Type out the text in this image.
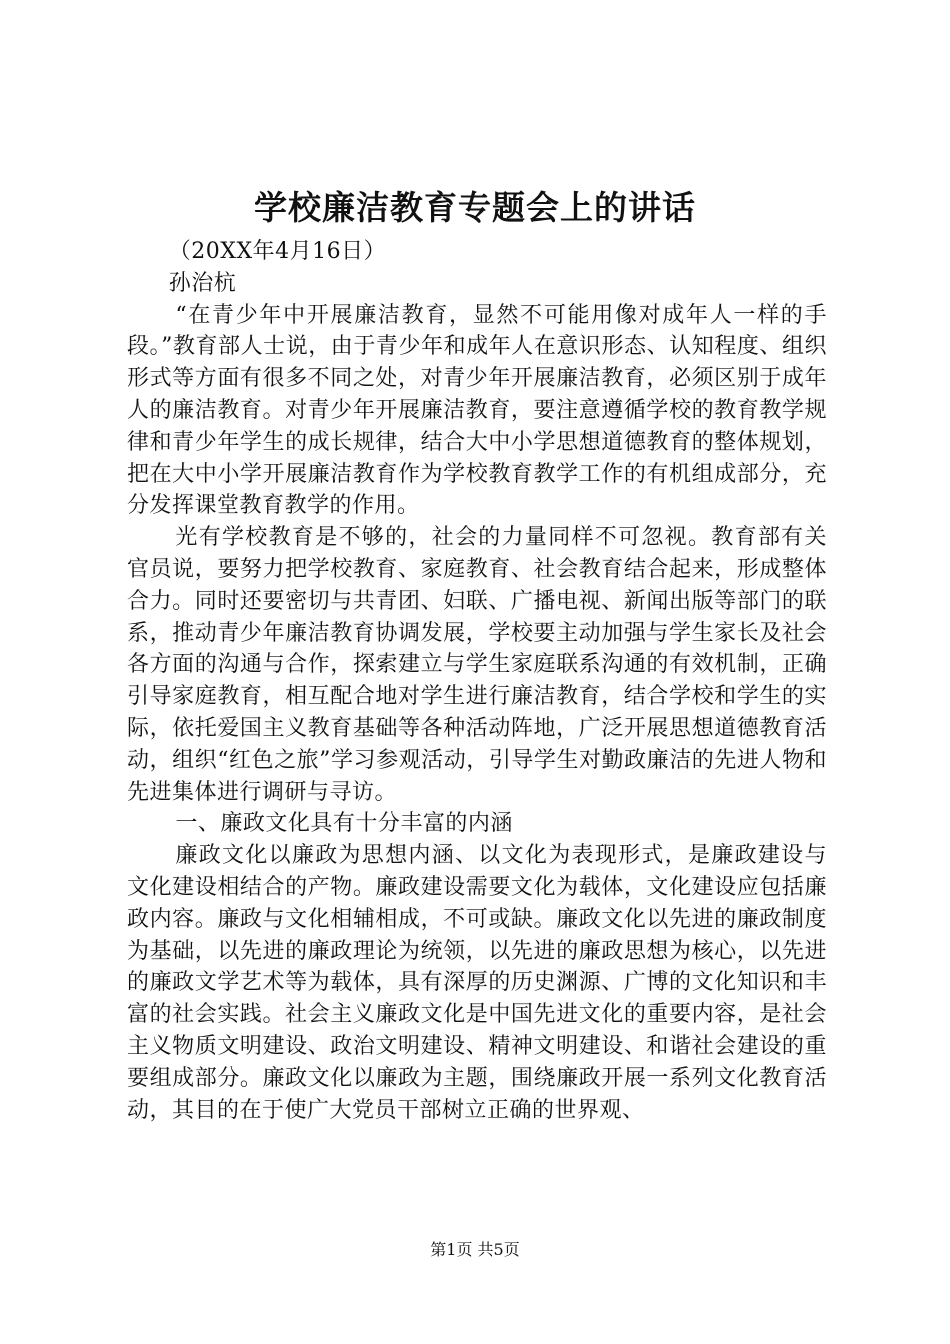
学校廉洁教育专题会上的讲话

（20XX年4月16日）

孙治杭

“在青少年中开展廉洁教育，显然不可能用像对成年人一样的手段。”教育部人士说，由于青少年和成年人在意识形态、认知程度、组织形式等方面有很多不同之处，对青少年开展廉洁教育，必须区别于成年人的廉洁教育。对青少年开展廉洁教育，要注意遵循学校的教育教学规律和青少年学生的成长规律，结合大中小学思想道德教育的整体规划，把在大中小学开展廉洁教育作为学校教育教学工作的有机组成部分，充分发挥课堂教育教学的作用。

光有学校教育是不够的，社会的力量同样不可忽视。教育部有关官员说，要努力把学校教育、家庭教育、社会教育结合起来，形成整体合力。同时还要密切与共青团、妇联、广播电视、新闻出版等部门的联系，推动青少年廉洁教育协调发展，学校要主动加强与学生家长及社会各方面的沟通与合作，探索建立与学生家庭联系沟通的有效机制，正确引导家庭教育，相互配合地对学生进行廉洁教育，结合学校和学生的实际，依托爱国主义教育基础等各种活动阵地，广泛开展思想道德教育活动，组织“红色之旅”学习参观活动，引导学生对勤政廉洁的先进人物和先进集体进行调研与寻访。

一、廉政文化具有十分丰富的内涵

廉政文化以廉政为思想内涵、以文化为表现形式，是廉政建设与文化建设相结合的产物。廉政建设需要文化为载体，文化建设应包括廉政内容。廉政与文化相辅相成，不可或缺。廉政文化以先进的廉政制度为基础，以先进的廉政理论为统领，以先进的廉政思想为核心，以先进的廉政文学艺术等为载体，具有深厚的历史渊源、广博的文化知识和丰富的社会实践。社会主义廉政文化是中国先进文化的重要内容，是社会主义物质文明建设、政治文明建设、精神文明建设、和谐社会建设的重要组成部分。廉政文化以廉政为主题，围绕廉政开展一系列文化教育活动，其目的在于使广大党员干部树立正确的世界观、

第1页 共5页
